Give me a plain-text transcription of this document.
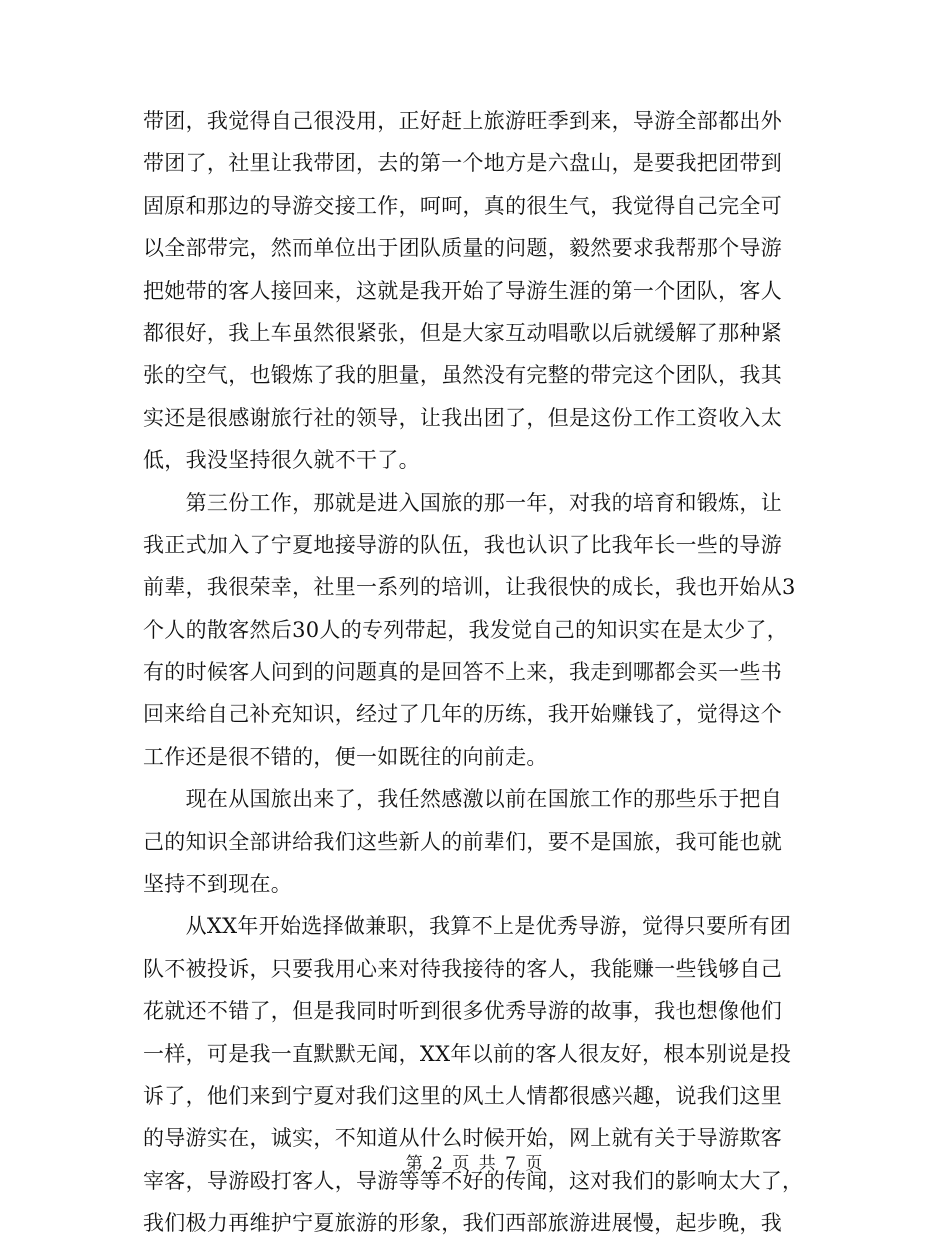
带团，我觉得自己很没用，正好赶上旅游旺季到来，导游全部都出外
带团了，社里让我带团，去的第一个地方是六盘山，是要我把团带到
固原和那边的导游交接工作，呵呵，真的很生气，我觉得自己完全可
以全部带完，然而单位出于团队质量的问题，毅然要求我帮那个导游
把她带的客人接回来，这就是我开始了导游生涯的第一个团队，客人
都很好，我上车虽然很紧张，但是大家互动唱歌以后就缓解了那种紧
张的空气，也锻炼了我的胆量，虽然没有完整的带完这个团队，我其
实还是很感谢旅行社的领导，让我出团了，但是这份工作工资收入太
低，我没坚持很久就不干了。
　　第三份工作，那就是进入国旅的那一年，对我的培育和锻炼，让
我正式加入了宁夏地接导游的队伍，我也认识了比我年长一些的导游
前辈，我很荣幸，社里一系列的培训，让我很快的成长，我也开始从3
个人的散客然后30人的专列带起，我发觉自己的知识实在是太少了，
有的时候客人问到的问题真的是回答不上来，我走到哪都会买一些书
回来给自己补充知识，经过了几年的历练，我开始赚钱了，觉得这个
工作还是很不错的，便一如既往的向前走。
　　现在从国旅出来了，我任然感激以前在国旅工作的那些乐于把自
己的知识全部讲给我们这些新人的前辈们，要不是国旅，我可能也就
坚持不到现在。
　　从XX年开始选择做兼职，我算不上是优秀导游，觉得只要所有团
队不被投诉，只要我用心来对待我接待的客人，我能赚一些钱够自己
花就还不错了，但是我同时听到很多优秀导游的故事，我也想像他们
一样，可是我一直默默无闻，XX年以前的客人很友好，根本别说是投
诉了，他们来到宁夏对我们这里的风土人情都很感兴趣，说我们这里
的导游实在，诚实，不知道从什么时候开始，网上就有关于导游欺客
宰客，导游殴打客人，导游等等不好的传闻，这对我们的影响太大了，
我们极力再维护宁夏旅游的形象，我们西部旅游进展慢，起步晚，我
第 2 页 共 7 页
